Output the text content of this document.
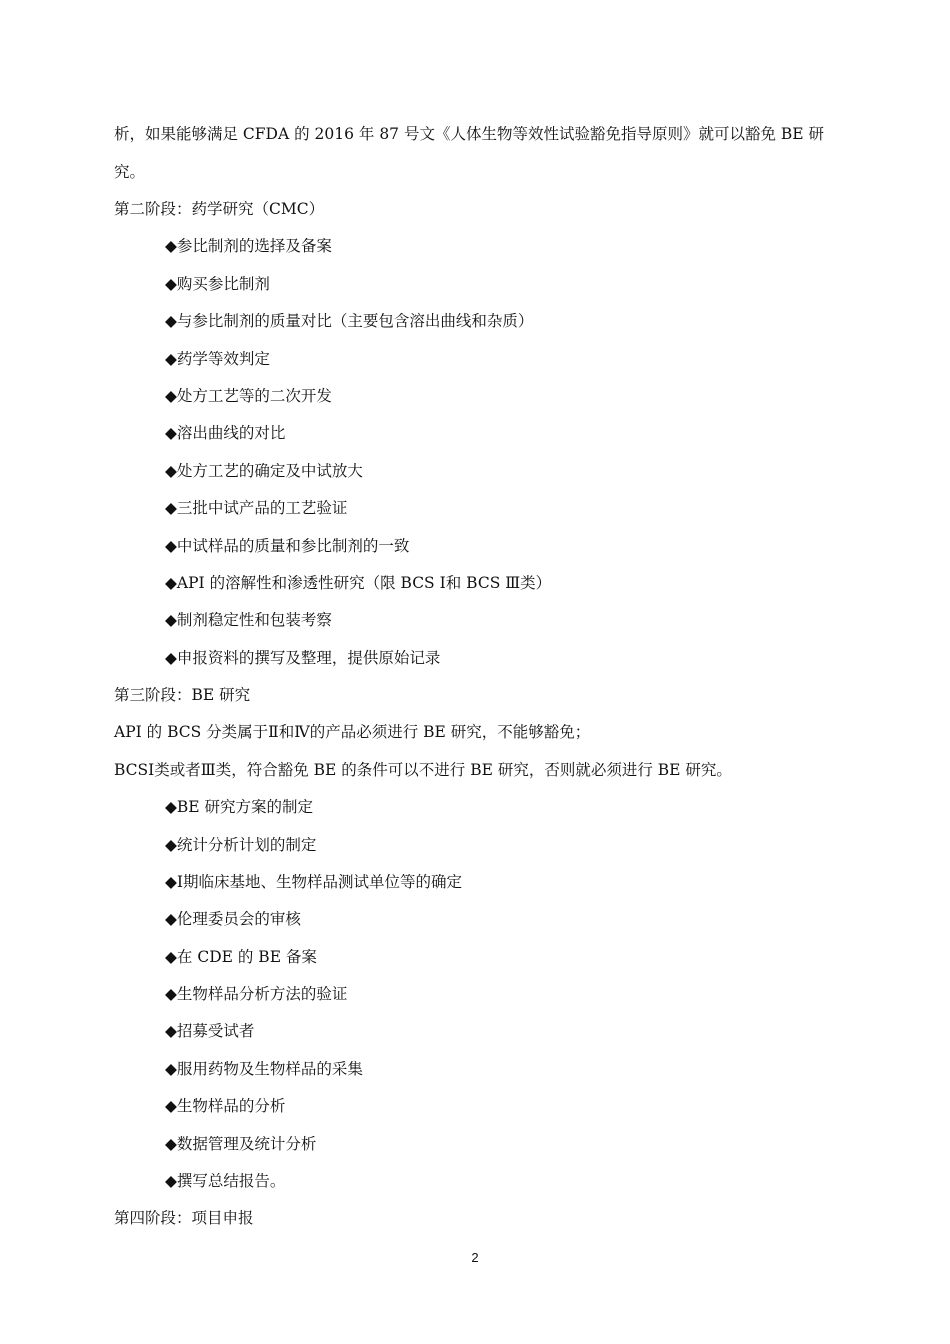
析，如果能够满足 CFDA 的 2016 年 87 号文《人体生物等效性试验豁免指导原则》就可以豁免 BE 研
究。
第二阶段：药学研究（CMC）
◆参比制剂的选择及备案
◆购买参比制剂
◆与参比制剂的质量对比（主要包含溶出曲线和杂质）
◆药学等效判定
◆处方工艺等的二次开发
◆溶出曲线的对比
◆处方工艺的确定及中试放大
◆三批中试产品的工艺验证
◆中试样品的质量和参比制剂的一致
◆API 的溶解性和渗透性研究（限 BCS Ⅰ和 BCS Ⅲ类）
◆制剂稳定性和包装考察
◆申报资料的撰写及整理，提供原始记录
第三阶段：BE 研究
API 的 BCS 分类属于Ⅱ和Ⅳ的产品必须进行 BE 研究，不能够豁免；
BCSⅠ类或者Ⅲ类，符合豁免 BE 的条件可以不进行 BE 研究，否则就必须进行 BE 研究。
◆BE 研究方案的制定
◆统计分析计划的制定
◆Ⅰ期临床基地、生物样品测试单位等的确定
◆伦理委员会的审核
◆在 CDE 的 BE 备案
◆生物样品分析方法的验证
◆招募受试者
◆服用药物及生物样品的采集
◆生物样品的分析
◆数据管理及统计分析
◆撰写总结报告。
第四阶段：项目申报
2
